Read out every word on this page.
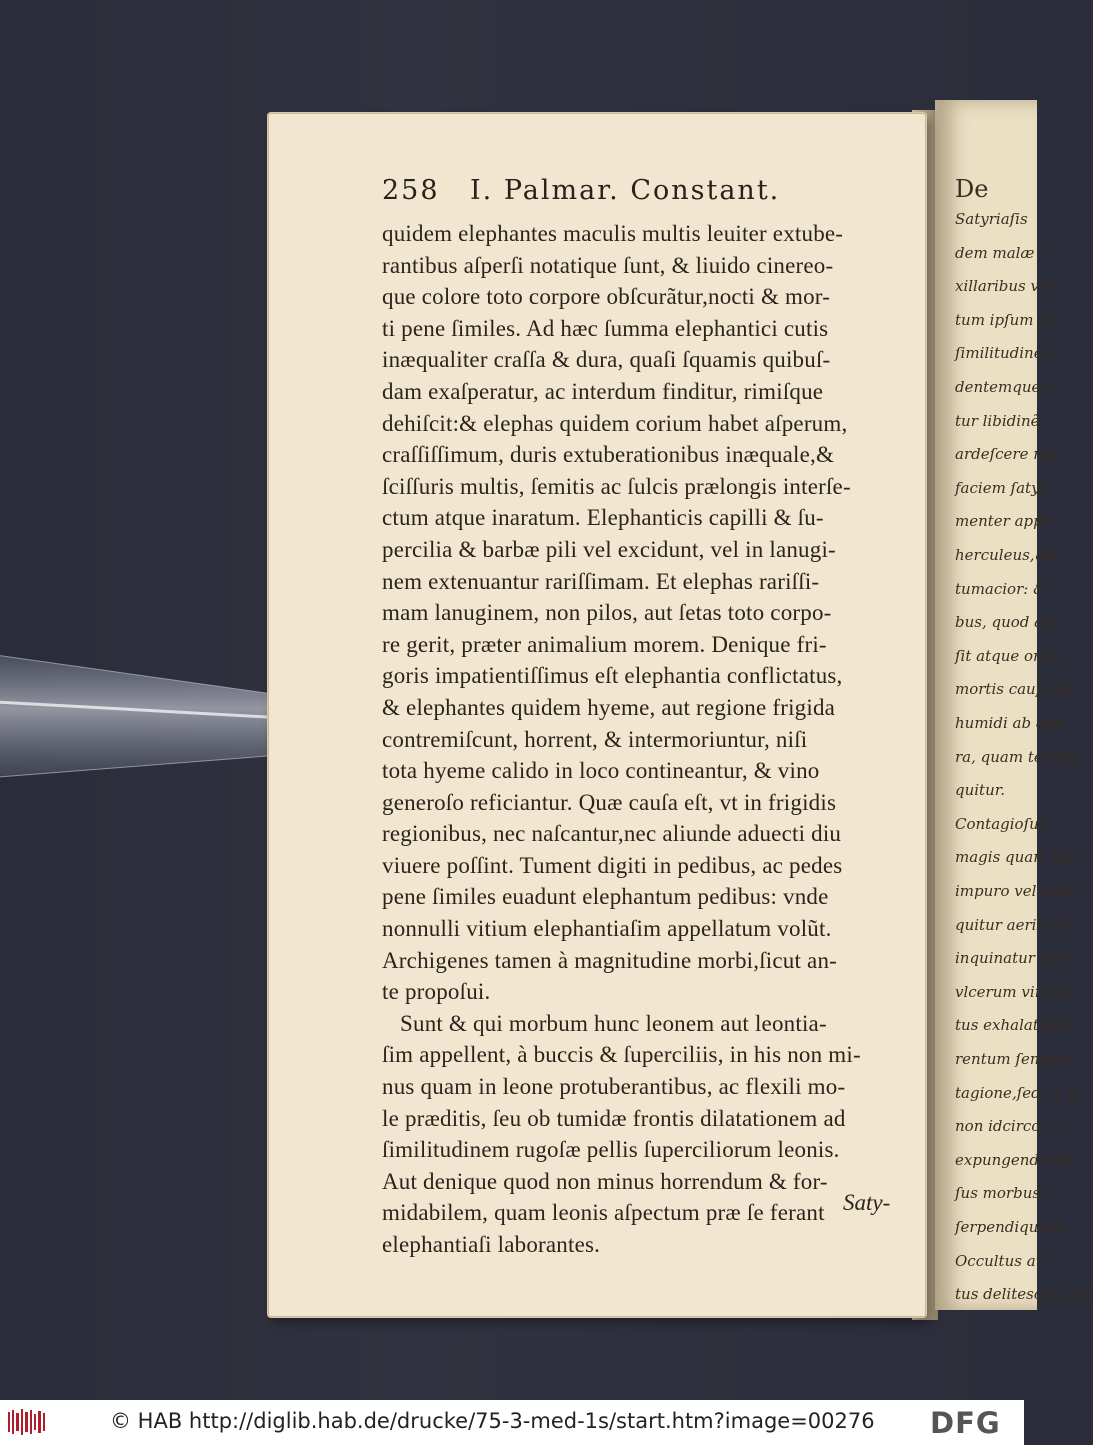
De
Satyriaſis
dem malæ c
xillaribus vel
tum ipſum ef
ſimilitudine o
dentemque c
tur libidinẽ.
ardeſcere me
faciem ſatyr
menter appe
herculeus,qu
tumacior: &
bus, quod ad
ſit atque omni
mortis cauſa du
humidi ab alie
ra, quam terren
quitur.
Contagioſus
magis quam lues
impuro vel conc
quitur aeris inſ
inquinatur aure
vlcerum virulen
tus exhalatione.
rentum ſemine,
tagione,ſed ex p
non idcirco co
expungenda eſt
ſus morbus, e
ſerpendique m
Occultus au
tus delitescat, pro
258 I. Palmar. Constant.
quidem elephantes maculis multis leuiter extube-
rantibus aſperſi notatique ſunt, & liuido cinereo-
que colore toto corpore obſcurãtur,nocti & mor-
ti pene ſimiles. Ad hæc ſumma elephantici cutis
inæqualiter craſſa & dura, quaſi ſquamis quibuſ-
dam exaſperatur, ac interdum finditur, rimiſque
dehiſcit:& elephas quidem corium habet aſperum,
craſſiſſimum, duris extuberationibus inæquale,&
ſciſſuris multis, ſemitis ac ſulcis prælongis interſe-
ctum atque inaratum. Elephanticis capilli & ſu-
percilia & barbæ pili vel excidunt, vel in lanugi-
nem extenuantur rariſſimam. Et elephas rariſſi-
mam lanuginem, non pilos, aut ſetas toto corpo-
re gerit, præter animalium morem. Denique fri-
goris impatientiſſimus eſt elephantia conflictatus,
& elephantes quidem hyeme, aut regione frigida
contremiſcunt, horrent, & intermoriuntur, niſi
tota hyeme calido in loco contineantur, & vino
generoſo reficiantur. Quæ cauſa eſt, vt in frigidis
regionibus, nec naſcantur,nec aliunde aduecti diu
viuere poſſint. Tument digiti in pedibus, ac pedes
pene ſimiles euadunt elephantum pedibus: vnde
nonnulli vitium elephantiaſim appellatum volũt.
Archigenes tamen à magnitudine morbi,ſicut an-
te propoſui.
Sunt & qui morbum hunc leonem aut leontia-
ſim appellent, à buccis & ſuperciliis, in his non mi-
nus quam in leone protuberantibus, ac flexili mo-
le præditis, ſeu ob tumidæ frontis dilatationem ad
ſimilitudinem rugoſæ pellis ſuperciliorum leonis.
Aut denique quod non minus horrendum & for-
midabilem, quam leonis aſpectum præ ſe ferant
elephantiaſi laborantes.
Saty-
© HAB http://diglib.hab.de/drucke/75-3-med-1s/start.htm?image=00276 DFG
